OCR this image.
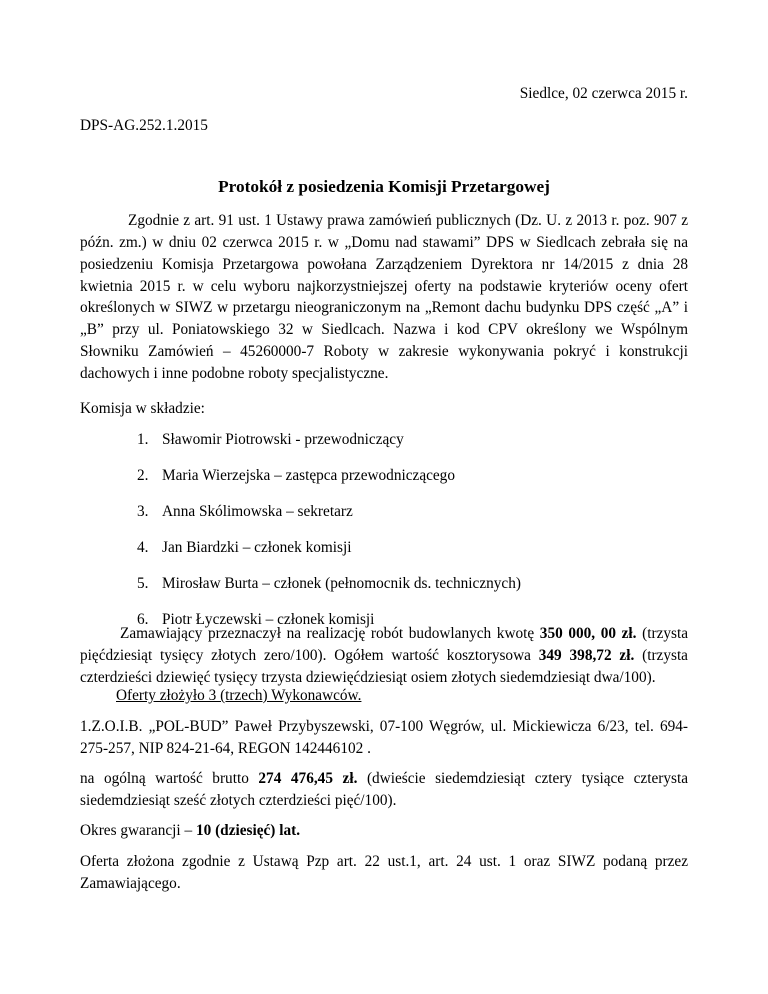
Siedlce, 02 czerwca 2015 r.
DPS-AG.252.1.2015
Protokół z posiedzenia Komisji Przetargowej
Zgodnie z art. 91 ust. 1 Ustawy prawa zamówień publicznych (Dz. U. z 2013 r. poz. 907 z późn. zm.) w dniu 02 czerwca 2015 r. w „Domu nad stawami” DPS w Siedlcach zebrała się na posiedzeniu Komisja Przetargowa powołana Zarządzeniem Dyrektora nr 14/2015 z dnia 28 kwietnia 2015 r. w celu wyboru najkorzystniejszej oferty na podstawie kryteriów oceny ofert określonych w SIWZ w przetargu nieograniczonym na „Remont dachu budynku DPS część „A” i „B” przy ul. Poniatowskiego 32 w Siedlcach. Nazwa i kod CPV określony we Wspólnym Słowniku Zamówień – 45260000-7 Roboty w zakresie wykonywania pokryć i konstrukcji dachowych i inne podobne roboty specjalistyczne.
Komisja w składzie:
1. Sławomir Piotrowski - przewodniczący
2. Maria Wierzejska – zastępca przewodniczącego
3. Anna Skólimowska – sekretarz
4. Jan Biardzki – członek komisji
5. Mirosław Burta – członek (pełnomocnik ds. technicznych)
6. Piotr Łyczewski – członek komisji

Zamawiający przeznaczył na realizację robót budowlanych kwotę 350 000, 00 zł. (trzysta pięćdziesiąt tysięcy złotych zero/100). Ogółem wartość kosztorysowa 349 398,72 zł. (trzysta czterdzieści dziewięć tysięcy trzysta dziewięćdziesiąt osiem złotych siedemdziesiąt dwa/100).

Oferty złożyło 3 (trzech) Wykonawców.
1.Z.O.I.B. „POL-BUD” Paweł Przybyszewski, 07-100 Węgrów, ul. Mickiewicza 6/23, tel. 694-275-257, NIP 824-21-64, REGON 142446102 .
na ogólną wartość brutto 274 476,45 zł. (dwieście siedemdziesiąt cztery tysiące czterysta siedemdziesiąt sześć złotych czterdzieści pięć/100).
Okres gwarancji – 10 (dziesięć) lat.
Oferta złożona zgodnie z Ustawą Pzp art. 22 ust.1, art. 24 ust. 1 oraz SIWZ podaną przez Zamawiającego.
